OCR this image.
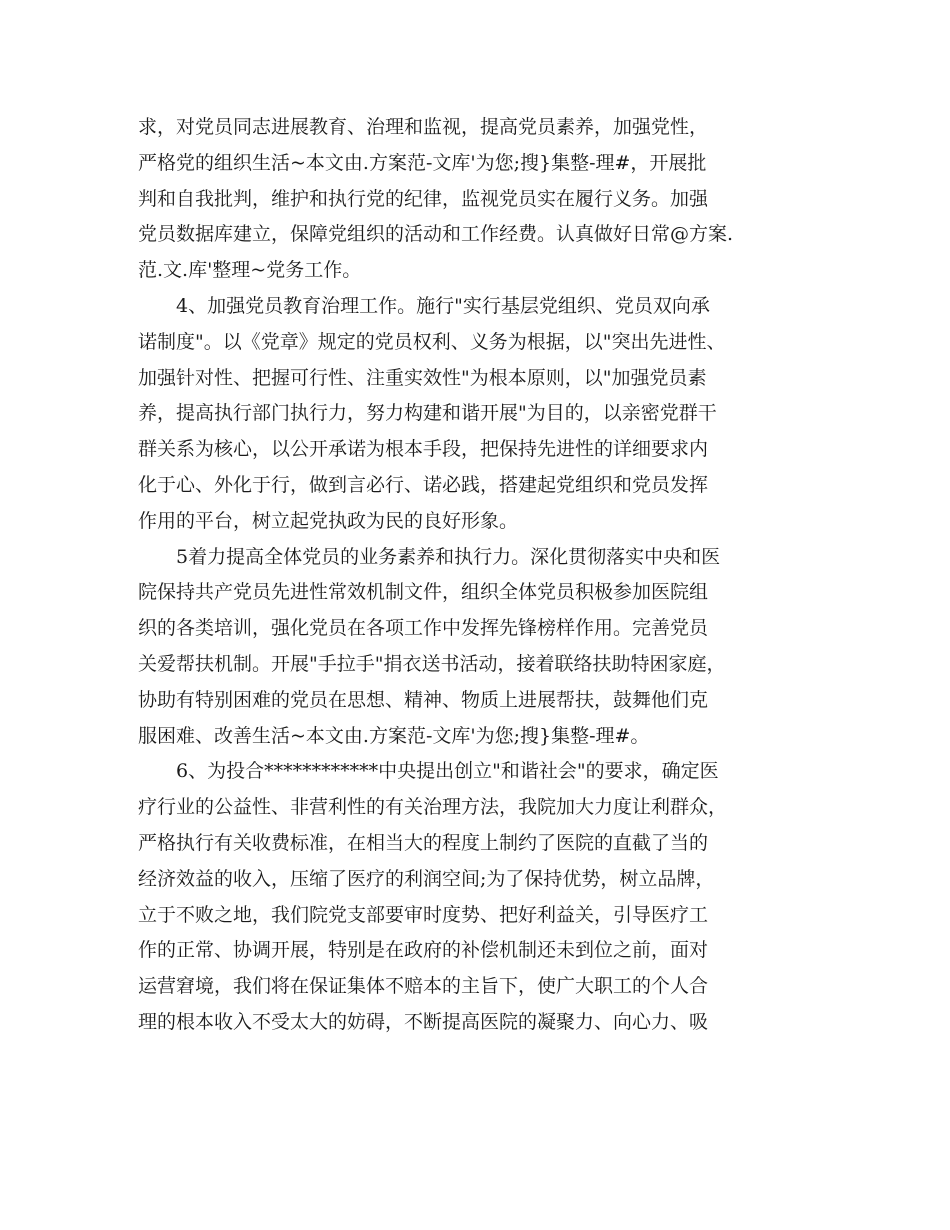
求，对党员同志进展教育、治理和监视，提高党员素养，加强党性，
严格党的组织生活~本文由.方案范-文库'为您;搜}集整-理#，开展批
判和自我批判，维护和执行党的纪律，监视党员实在履行义务。加强
党员数据库建立，保障党组织的活动和工作经费。认真做好日常@方案.
范.文.库'整理~党务工作。
4、加强党员教育治理工作。施行"实行基层党组织、党员双向承
诺制度"。以《党章》规定的党员权利、义务为根据，以"突出先进性、
加强针对性、把握可行性、注重实效性"为根本原则，以"加强党员素
养，提高执行部门执行力，努力构建和谐开展"为目的，以亲密党群干
群关系为核心，以公开承诺为根本手段，把保持先进性的详细要求内
化于心、外化于行，做到言必行、诺必践，搭建起党组织和党员发挥
作用的平台，树立起党执政为民的良好形象。
5着力提高全体党员的业务素养和执行力。深化贯彻落实中央和医
院保持共产党员先进性常效机制文件，组织全体党员积极参加医院组
织的各类培训，强化党员在各项工作中发挥先锋榜样作用。完善党员
关爱帮扶机制。开展"手拉手"捐衣送书活动，接着联络扶助特困家庭，
协助有特别困难的党员在思想、精神、物质上进展帮扶，鼓舞他们克
服困难、改善生活~本文由.方案范-文库'为您;搜}集整-理#。
6、为投合************中央提出创立"和谐社会"的要求，确定医
疗行业的公益性、非营利性的有关治理方法，我院加大力度让利群众，
严格执行有关收费标准，在相当大的程度上制约了医院的直截了当的
经济效益的收入，压缩了医疗的利润空间;为了保持优势，树立品牌，
立于不败之地，我们院党支部要审时度势、把好利益关，引导医疗工
作的正常、协调开展，特别是在政府的补偿机制还未到位之前，面对
运营窘境，我们将在保证集体不赔本的主旨下，使广大职工的个人合
理的根本收入不受太大的妨碍，不断提高医院的凝聚力、向心力、吸
